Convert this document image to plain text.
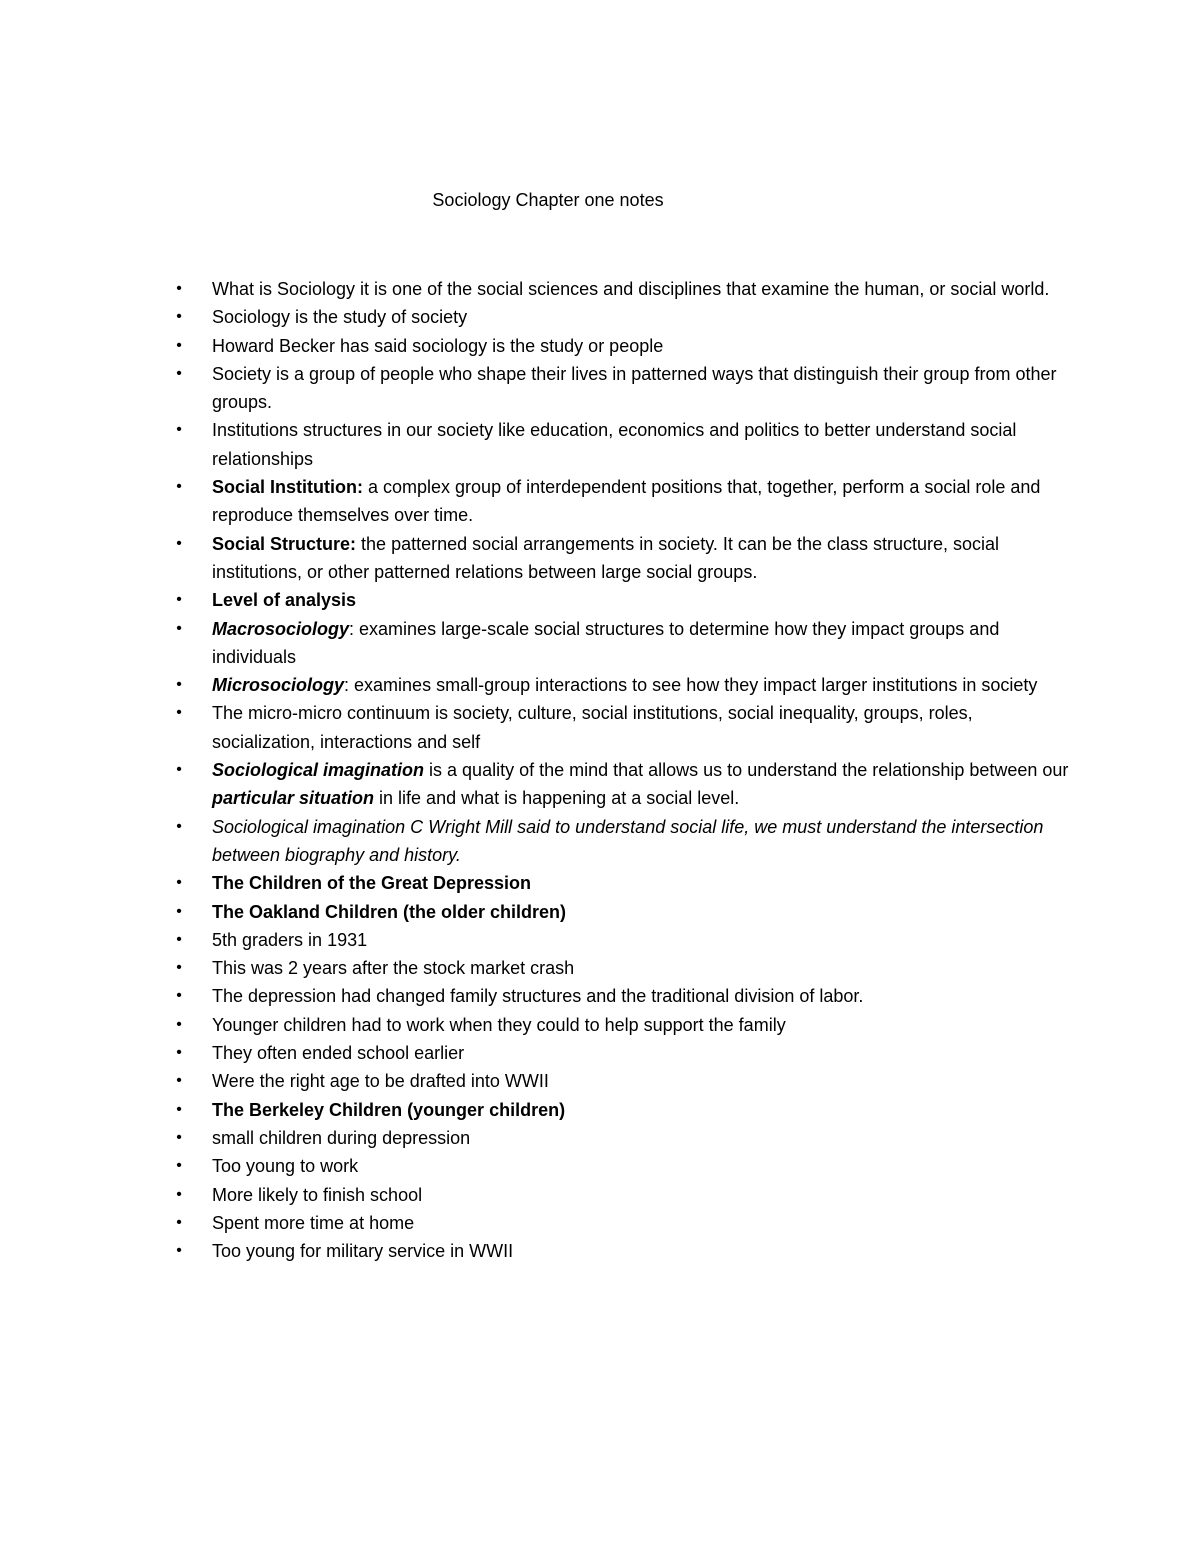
Sociology Chapter one notes
• What is Sociology it is one of the social sciences and disciplines that examine the human, or social world.
• Sociology is the study of society
• Howard Becker has said sociology is the study or people
• Society is a group of people who shape their lives in patterned ways that distinguish their group from other groups.
• Institutions structures in our society like education, economics and politics to better understand social relationships
• Social Institution: a complex group of interdependent positions that, together, perform a social role and reproduce themselves over time.
• Social Structure: the patterned social arrangements in society. It can be the class structure, social institutions, or other patterned relations between large social groups.
• Level of analysis
• Macrosociology: examines large-scale social structures to determine how they impact groups and individuals
• Microsociology: examines small-group interactions to see how they impact larger institutions in society
• The micro-micro continuum is society, culture, social institutions, social inequality, groups, roles, socialization, interactions and self
• Sociological imagination is a quality of the mind that allows us to understand the relationship between our particular situation in life and what is happening at a social level.
• Sociological imagination C Wright Mill said to understand social life, we must understand the intersection between biography and history.
• The Children of the Great Depression
• The Oakland Children (the older children)
• 5th graders in 1931
• This was 2 years after the stock market crash
• The depression had changed family structures and the traditional division of labor.
• Younger children had to work when they could to help support the family
• They often ended school earlier
• Were the right age to be drafted into WWII
• The Berkeley Children (younger children)
• small children during depression
• Too young to work
• More likely to finish school
• Spent more time at home
• Too young for military service in WWII
